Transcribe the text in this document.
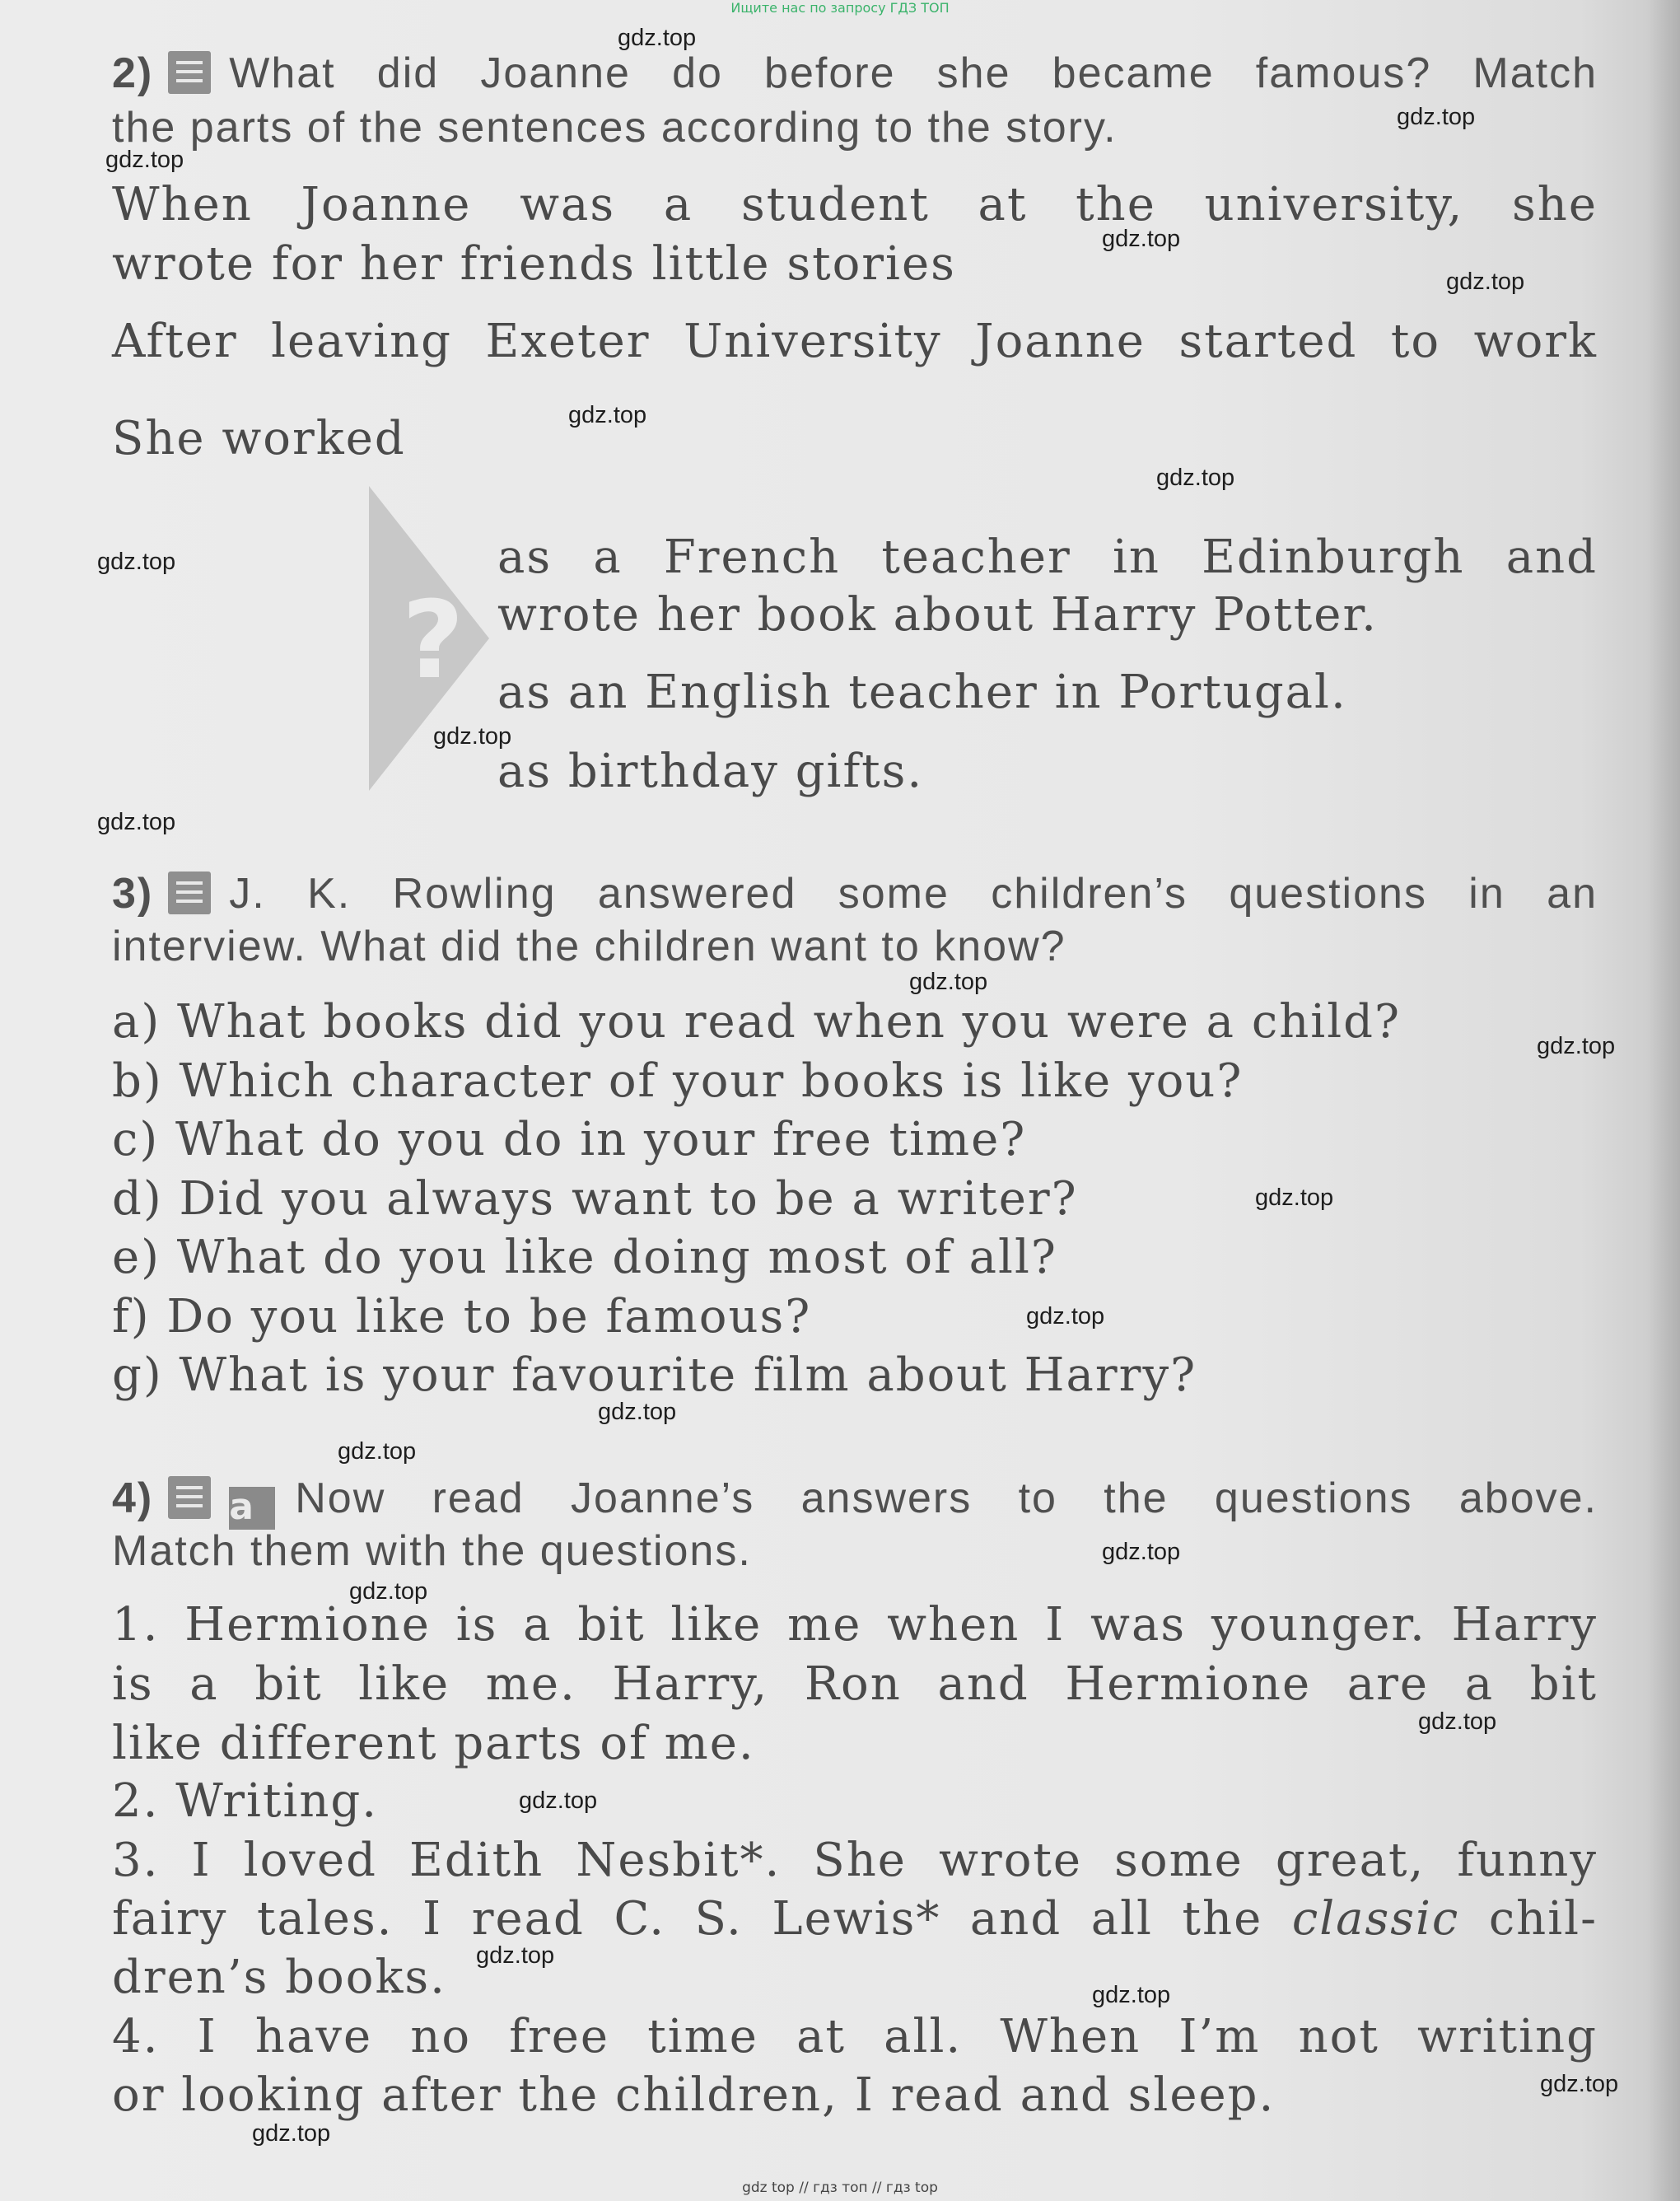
Ищите нас по запросу ГДЗ ТОП
2) What did Joanne do before she became famous? Match
the parts of the sentences according to the story.
When Joanne was a student at the university, she
wrote for her friends little stories
After leaving Exeter University Joanne started to work
She worked
?
as a French teacher in Edinburgh and
wrote her book about Harry Potter.
as an English teacher in Portugal.
as birthday gifts.
3) J. K. Rowling answered some children’s questions in an
interview. What did the children want to know?
a) What books did you read when you were a child?
b) Which character of your books is like you?
c) What do you do in your free time?
d) Did you always want to be a writer?
e) What do you like doing most of all?
f) Do you like to be famous?
g) What is your favourite film about Harry?
4) a Now read Joanne’s answers to the questions above.
Match them with the questions.
1. Hermione is a bit like me when I was younger. Harry
is a bit like me. Harry, Ron and Hermione are a bit
like different parts of me.
2. Writing.
3. I loved Edith Nesbit*. She wrote some great, funny
fairy tales. I read C. S. Lewis* and all the classic chil-
dren’s books.
4. I have no free time at all. When I’m not writing
or looking after the children, I read and sleep.
gdz.top
gdz.top
gdz.top
gdz.top
gdz.top
gdz.top
gdz.top
gdz.top
gdz.top
gdz.top
gdz.top
gdz.top
gdz.top
gdz.top
gdz.top
gdz.top
gdz.top
gdz.top
gdz.top
gdz.top
gdz.top
gdz.top
gdz.top
gdz.top
gdz top // гдз топ // гдз top
